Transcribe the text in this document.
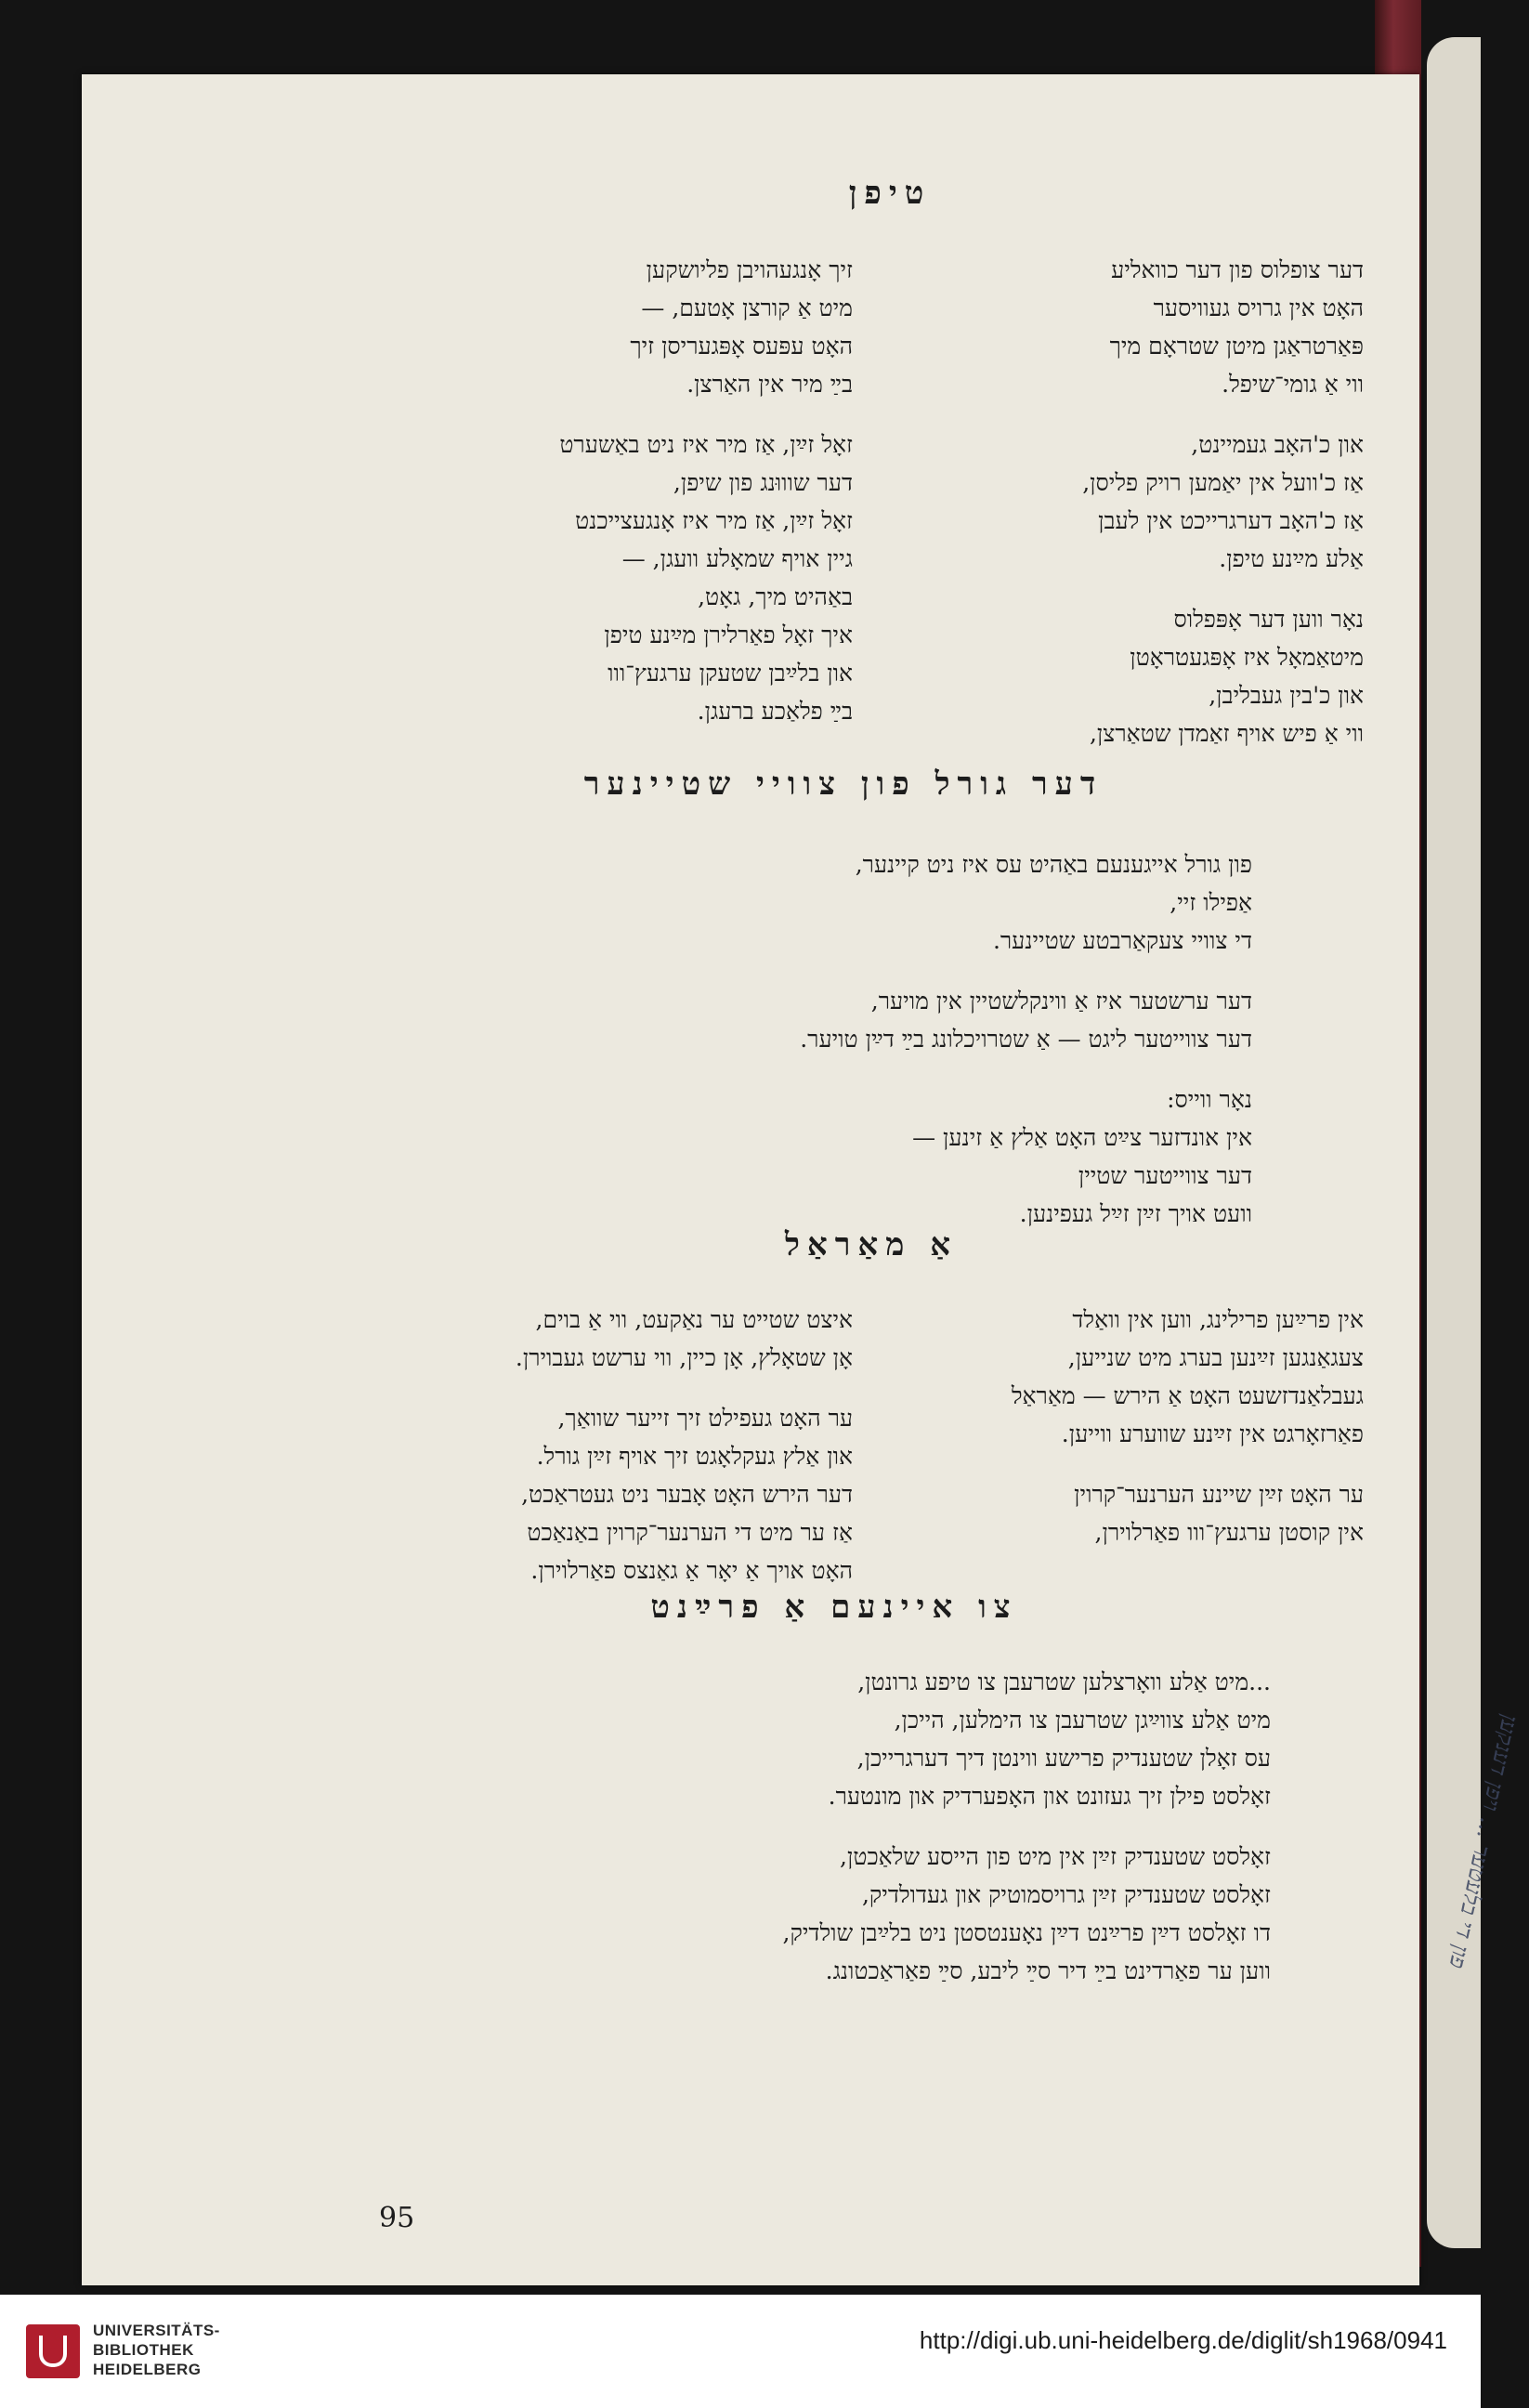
פון די בלעטער ... ויפן דענקען
טיפן
דער צופלוס פון דער כוואליע
האָט אין גרויס געוויסער
פּאַרטראַגן מיטן שטראָם מיך
ווי אַ גומי־שיפל.
און כ'האָב געמיינט,
אַז כ'וועל אין יאַמען רויק פליסן,
אַז כ'האָב דערגרייכט אין לעבן
אַלע מײַנע טיפן.
נאָר ווען דער אָפּפלוס
מיטאַמאָל איז אָפּגעטראָטן
און כ'בין געבליבן,
ווי אַ פיש אויף זאַמדן שטאַרצן,
זיך אָנגעהויבן פליושקען
מיט אַ קורצן אָטעם, —
האָט עפּעס אָפּגעריסן זיך
בײַ מיר אין האַרצן.
זאָל זײַן, אַז מיר איז ניט באַשערט
דער שוווּנג פון שיפן,
זאָל זײַן, אַז מיר איז אָנגעצייכנט
גיין אויף שמאָלע וועגן, —
באַהיט מיך, גאָט,
איך זאָל פאַרלירן מײַנע טיפן
און בלײַבן שטעקן ערגעץ־ווו
בײַ פלאַכע ברעגן.
דער גורל פון צוויי שטיינער
פון גורל אייגענעם באַהיט עס איז ניט קיינער,
אַפילו זיי,
די צוויי צעקאַרבטע שטיינער.
דער ערשטער איז אַ ווינקלשטיין אין מויער,
דער צווייטער ליגט — אַ שטרויכלונג בײַ דײַן טויער.
נאָר ווייס:
אין אונדזער צײַט האָט אַלץ אַ זינען —
דער צווייטער שטיין
וועט אויך זײַן זײַל געפינען.
אַ מאַראַל
אין פרײַען פרילינג, ווען אין וואַלד
צעגאַנגען זײַנען בערג מיט שנייען,
געבלאַנדזשעט האָט אַ הירש — מאַראַל
פאַרזאָרגט אין זײַנע שווערע ווייען.
ער האָט זײַן שיינע הערנער־קרוין
אין קוסטן ערגעץ־ווו פאַרלוירן,
איצט שטייט ער נאַקעט, ווי אַ בוים,
אָן שטאָלץ, אָן כיין, ווי ערשט געבוירן.
ער האָט געפילט זיך זייער שוואַך,
און אַלץ געקלאָגט זיך אויף זײַן גורל.
דער הירש האָט אָבער ניט געטראַכט,
אַז ער מיט די הערנער־קרוין באַנאַכט
האָט אויך אַ יאָר אַ גאַנצס פאַרלוירן.
צו איינעם אַ פרײַנט
...מיט אַלע וואָרצלען שטרעבן צו טיפע גרונטן,
מיט אַלע צווײַגן שטרעבן צו הימלען, הייכן,
עס זאָלן שטענדיק פרישע ווינטן דיך דערגרייכן,
זאָלסט פילן זיך געזונט און האָפערדיק און מונטער.
זאָלסט שטענדיק זײַן אין מיט פון הייסע שלאַכטן,
זאָלסט שטענדיק זײַן גרויסמוטיק און געדולדיק,
דו זאָלסט דײַן פרײַנט דײַן נאָענטסטן ניט בלײַבן שולדיק,
ווען ער פאַרדינט בײַ דיר סײַ ליבע, סײַ פאַראַכטונג.
95
UNIVERSITÄTS-
BIBLIOTHEK
HEIDELBERG
http://digi.ub.uni-heidelberg.de/diglit/sh1968/0941
